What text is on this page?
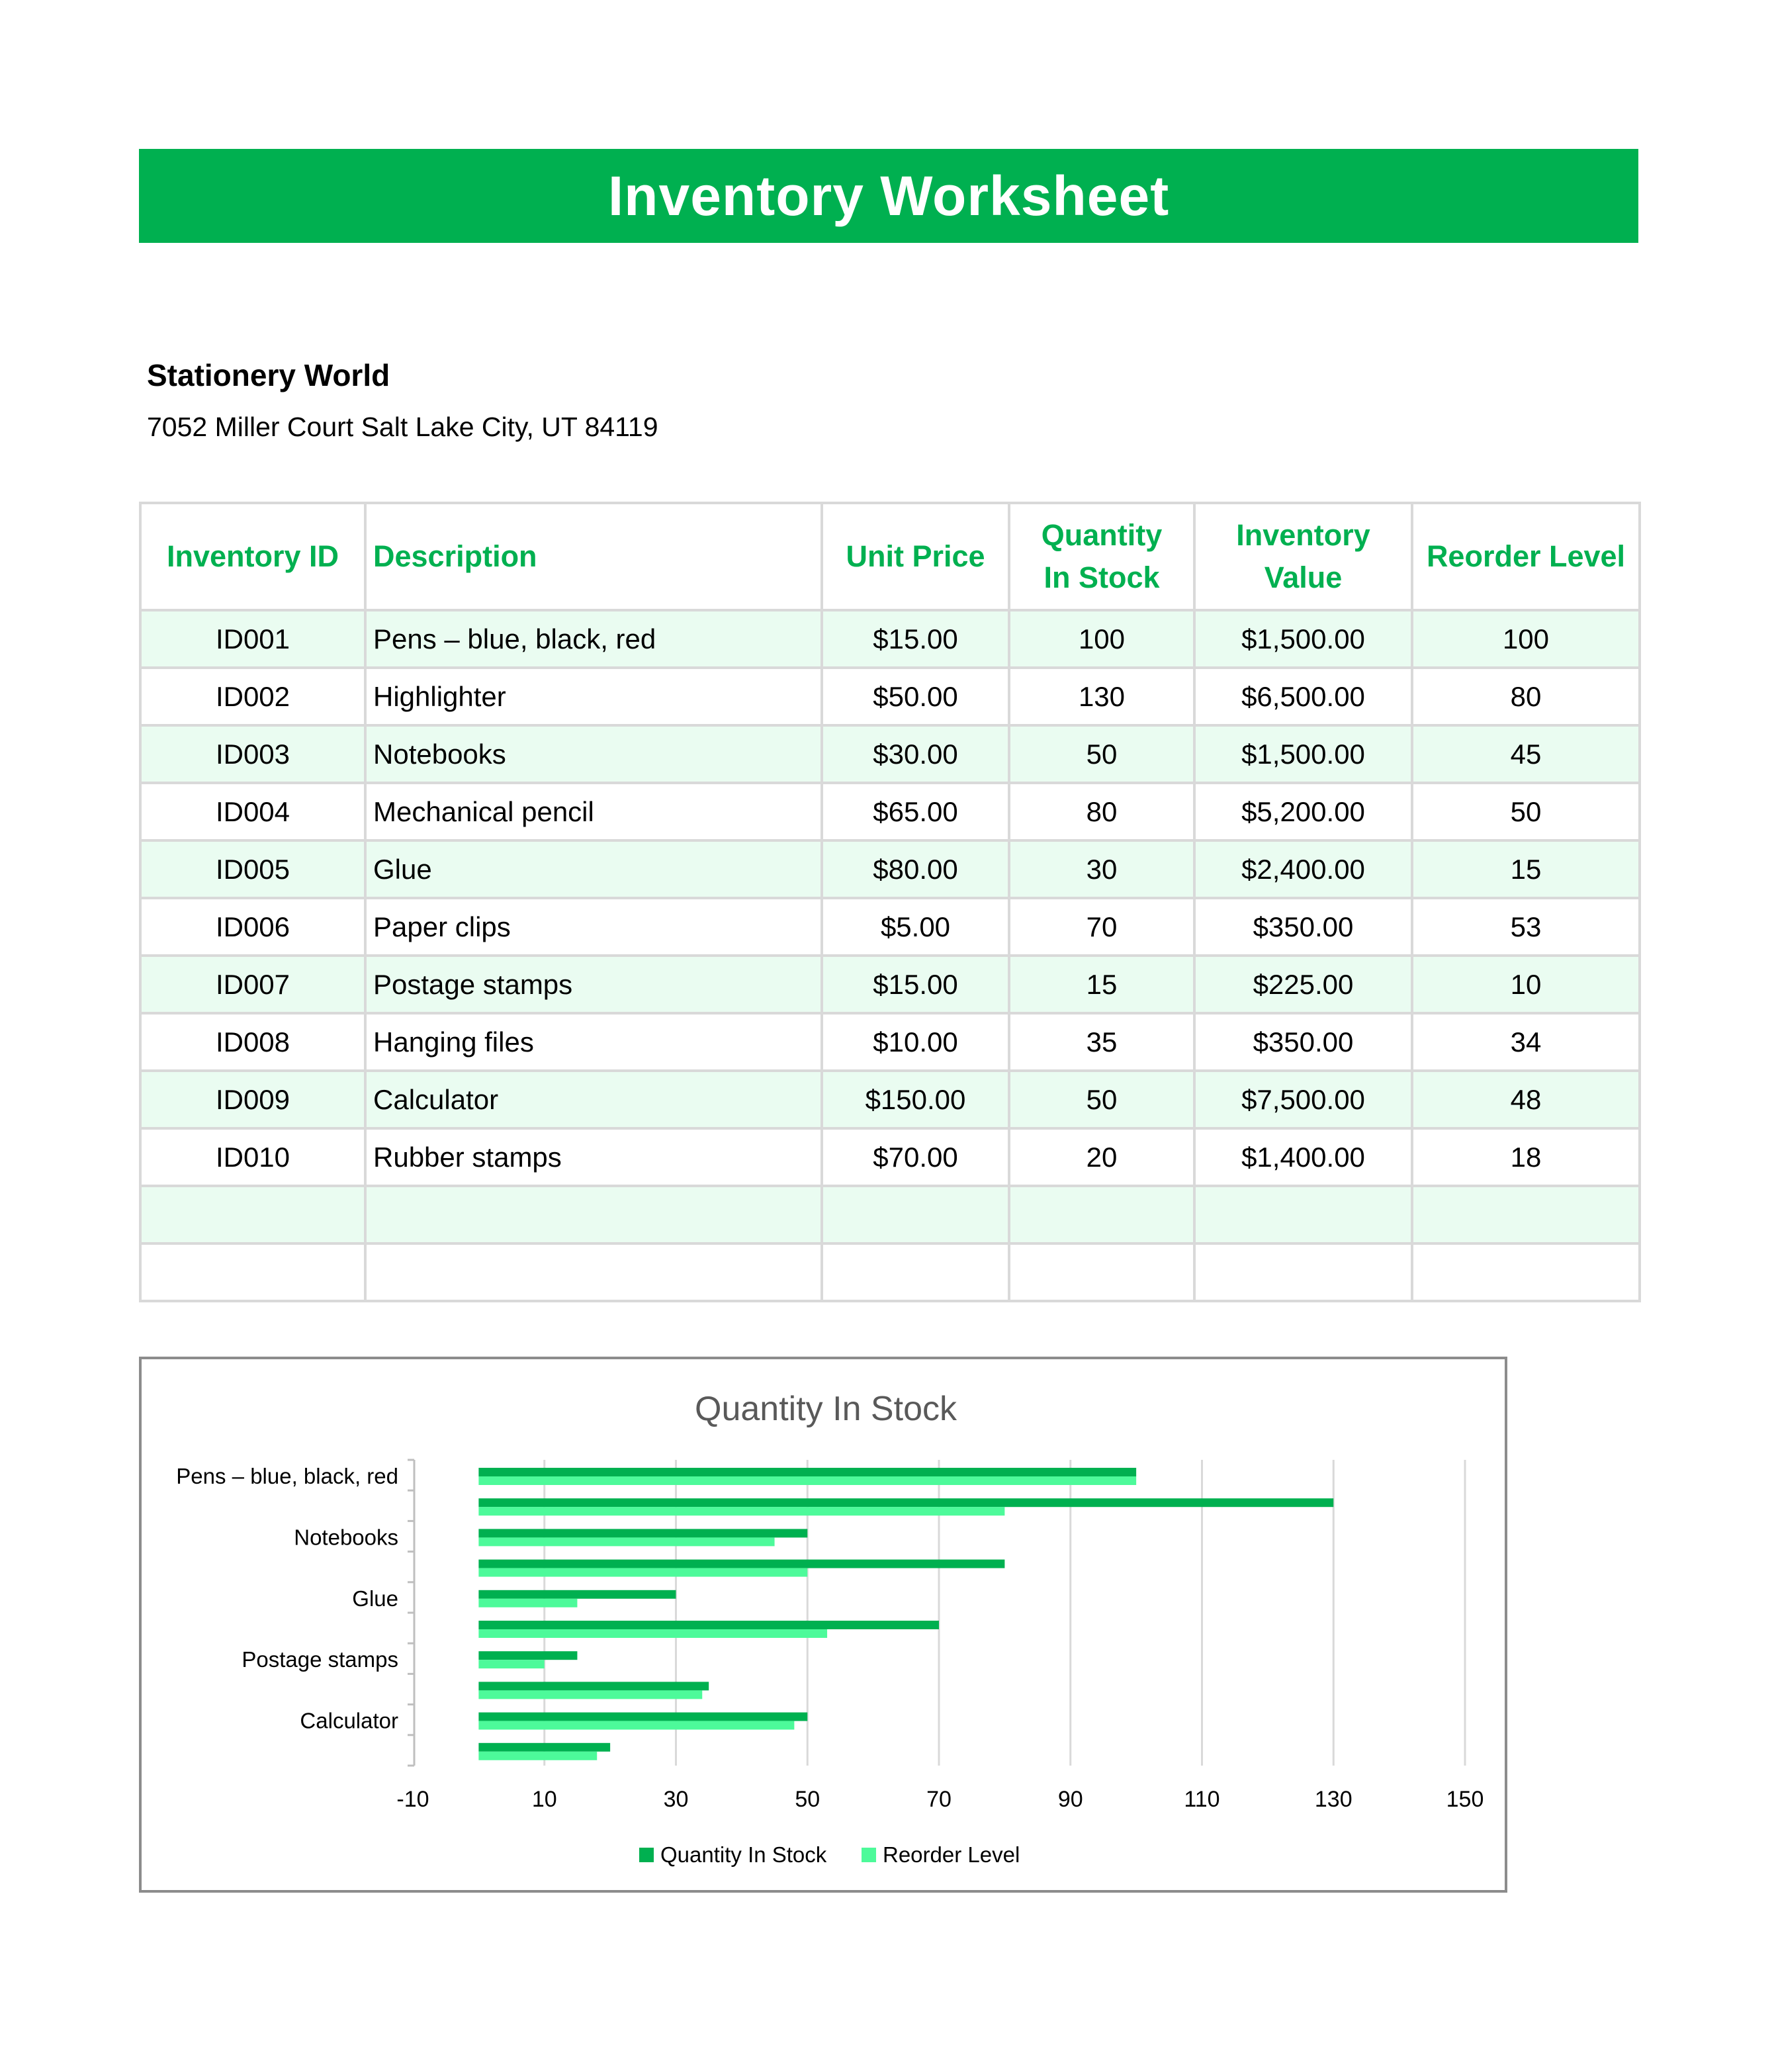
Inventory Worksheet
Stationery World
7052 Miller Court Salt Lake City, UT 84119
Inventory ID	Description	Unit Price	Quantity In Stock	Inventory Value	Reorder Level
ID001	Pens – blue, black, red	$15.00	100	$1,500.00	100
ID002	Highlighter	$50.00	130	$6,500.00	80
ID003	Notebooks	$30.00	50	$1,500.00	45
ID004	Mechanical pencil	$65.00	80	$5,200.00	50
ID005	Glue	$80.00	30	$2,400.00	15
ID006	Paper clips	$5.00	70	$350.00	53
ID007	Postage stamps	$15.00	15	$225.00	10
ID008	Hanging files	$10.00	35	$350.00	34
ID009	Calculator	$150.00	50	$7,500.00	48
ID010	Rubber stamps	$70.00	20	$1,400.00	18

Quantity In Stock
-10	10	30	50	70	90	110	130	150
Pens – blue, black, red
Notebooks
Glue
Postage stamps
Calculator
Quantity In Stock	Reorder Level
